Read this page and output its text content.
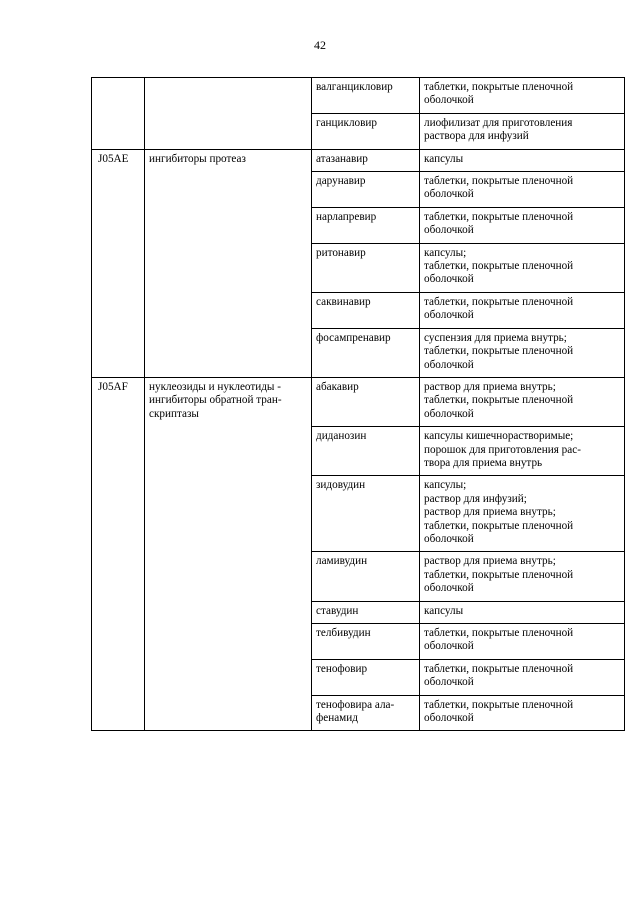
42
		валганцикловир	таблетки, покрытые пленочной
оболочкой
		ганцикловир	лиофилизат для приготовления
раствора для инфузий
J05AE	ингибиторы протеаз	атазанавир	капсулы
		дарунавир	таблетки, покрытые пленочной
оболочкой
		нарлапревир	таблетки, покрытые пленочной
оболочкой
		ритонавир	капсулы;
таблетки, покрытые пленочной
оболочкой
		саквинавир	таблетки, покрытые пленочной
оболочкой
		фосампренавир	суспензия для приема внутрь;
таблетки, покрытые пленочной
оболочкой
J05AF	нуклеозиды и нуклеотиды -
ингибиторы обратной тран-
скриптазы	абакавир	раствор для приема внутрь;
таблетки, покрытые пленочной
оболочкой
		диданозин	капсулы кишечнорастворимые;
порошок для приготовления рас-
твора для приема внутрь
		зидовудин	капсулы;
раствор для инфузий;
раствор для приема внутрь;
таблетки, покрытые пленочной
оболочкой
		ламивудин	раствор для приема внутрь;
таблетки, покрытые пленочной
оболочкой
		ставудин	капсулы
		телбивудин	таблетки, покрытые пленочной
оболочкой
		тенофовир	таблетки, покрытые пленочной
оболочкой
		тенофовира ала-
фенамид	таблетки, покрытые пленочной
оболочкой
